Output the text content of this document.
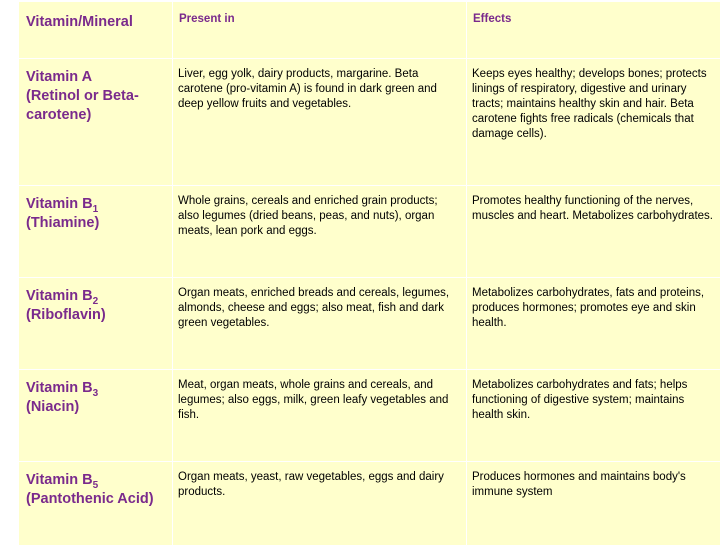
Vitamin/Mineral	Present in	Effects

Vitamin A
(Retinol or Beta-
carotene)	Liver, egg yolk, dairy products, margarine. Beta carotene (pro-vitamin A) is found in dark green and deep yellow fruits and vegetables.	Keeps eyes healthy; develops bones; protects linings of respiratory, digestive and urinary tracts; maintains healthy skin and hair. Beta carotene fights free radicals (chemicals that damage cells).

Vitamin $B_1$
(Thiamine)	Whole grains, cereals and enriched grain products; also legumes (dried beans, peas, and nuts), organ meats, lean pork and eggs.	Promotes healthy functioning of the nerves, muscles and heart. Metabolizes carbohydrates.

Vitamin $B_2$
(Riboflavin)	Organ meats, enriched breads and cereals, legumes, almonds, cheese and eggs; also meat, fish and dark green vegetables.	Metabolizes carbohydrates, fats and proteins, produces hormones; promotes eye and skin health.

Vitamin $B_3$
(Niacin)	Meat, organ meats, whole grains and cereals, and legumes; also eggs, milk, green leafy vegetables and fish.	Metabolizes carbohydrates and fats; helps functioning of digestive system; maintains health skin.

Vitamin $B_5$
(Pantothenic Acid)	Organ meats, yeast, raw vegetables, eggs and dairy products.	Produces hormones and maintains body's immune system
